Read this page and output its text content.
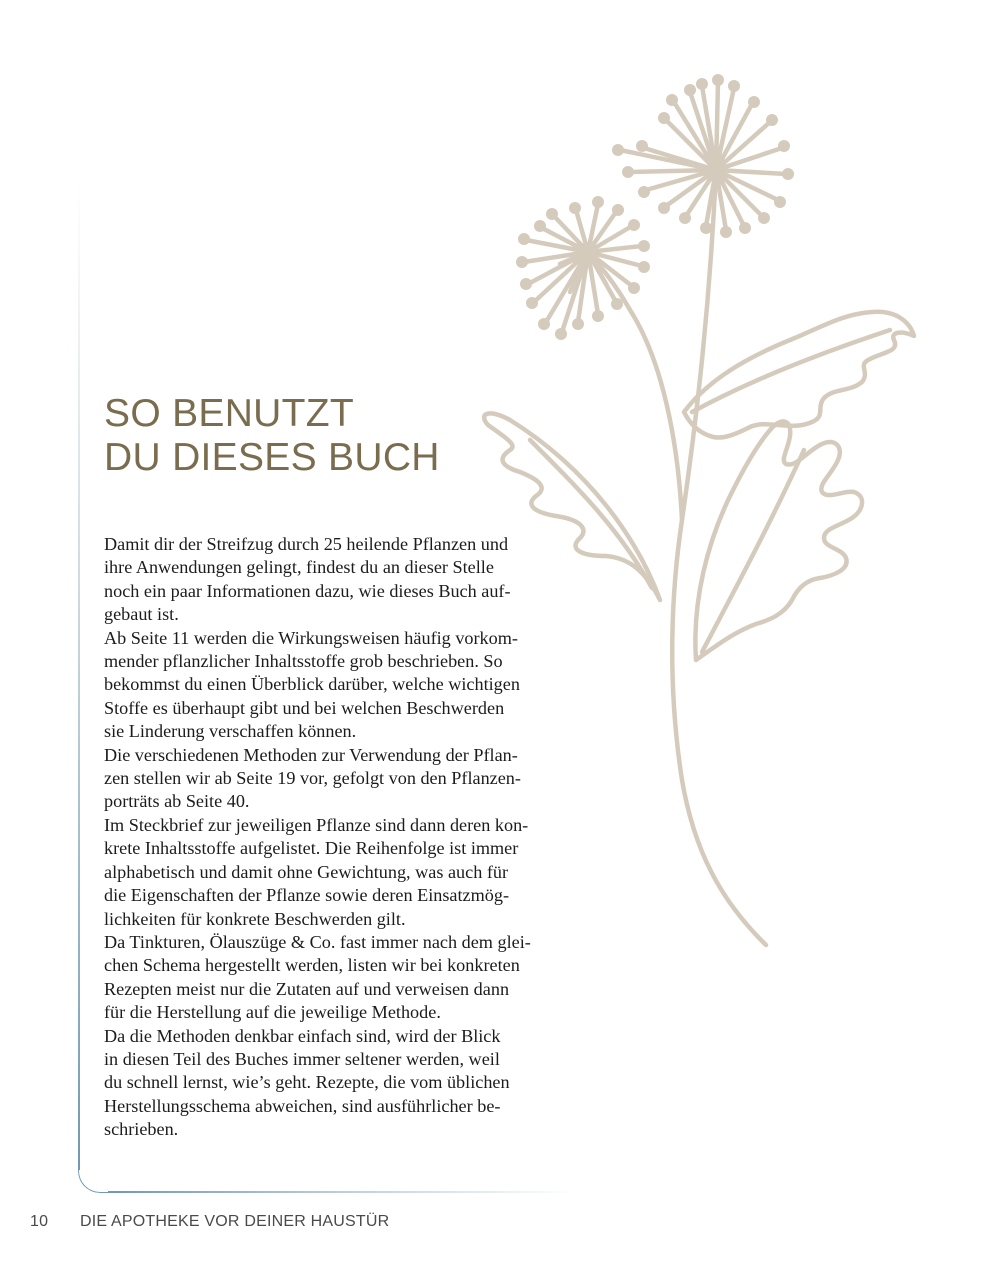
SO BENUTZT
DU DIESES BUCH
Damit dir der Streifzug durch 25 heilende Pflanzen und
ihre Anwendungen gelingt, findest du an dieser Stelle
noch ein paar Informationen dazu, wie dieses Buch auf-
gebaut ist.
Ab Seite 11 werden die Wirkungsweisen häufig vorkom-
mender pflanzlicher Inhaltsstoffe grob beschrieben. So
bekommst du einen Überblick darüber, welche wichtigen
Stoffe es überhaupt gibt und bei welchen Beschwerden
sie Linderung verschaffen können.
Die verschiedenen Methoden zur Verwendung der Pflan-
zen stellen wir ab Seite 19 vor, gefolgt von den Pflanzen-
porträts ab Seite 40.
Im Steckbrief zur jeweiligen Pflanze sind dann deren kon-
krete Inhaltsstoffe aufgelistet. Die Reihenfolge ist immer
alphabetisch und damit ohne Gewichtung, was auch für
die Eigenschaften der Pflanze sowie deren Einsatzmög-
lichkeiten für konkrete Beschwerden gilt.
Da Tinkturen, Ölauszüge & Co. fast immer nach dem glei-
chen Schema hergestellt werden, listen wir bei konkreten
Rezepten meist nur die Zutaten auf und verweisen dann
für die Herstellung auf die jeweilige Methode.
Da die Methoden denkbar einfach sind, wird der Blick
in diesen Teil des Buches immer seltener werden, weil
du schnell lernst, wie’s geht. Rezepte, die vom üblichen
Herstellungsschema abweichen, sind ausführlicher be-
schrieben.
10 DIE APOTHEKE VOR DEINER HAUSTÜR
